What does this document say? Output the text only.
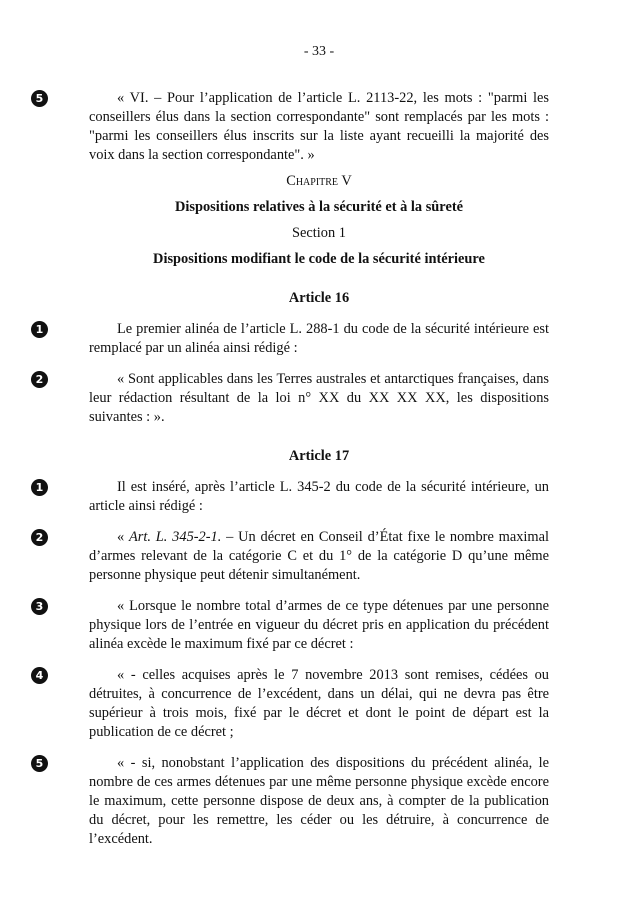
- 33 -

5	« VI. – Pour l’application de l’article L. 2113-22, les mots : "parmi les conseillers élus dans la section correspondante" sont remplacés par les mots : "parmi les conseillers élus inscrits sur la liste ayant recueilli la majorité des voix dans la section correspondante". »

Chapitre V

Dispositions relatives à la sécurité et à la sûreté

Section 1

Dispositions modifiant le code de la sécurité intérieure

Article 16

1	Le premier alinéa de l’article L. 288-1 du code de la sécurité intérieure est remplacé par un alinéa ainsi rédigé :

2	« Sont applicables dans les Terres australes et antarctiques françaises, dans leur rédaction résultant de la loi n° XX du XX XX XX, les dispositions suivantes : ».

Article 17

1	Il est inséré, après l’article L. 345-2 du code de la sécurité intérieure, un article ainsi rédigé :

2	« Art. L. 345-2-1. – Un décret en Conseil d’État fixe le nombre maximal d’armes relevant de la catégorie C et du 1° de la catégorie D qu’une même personne physique peut détenir simultanément.

3	« Lorsque le nombre total d’armes de ce type détenues par une personne physique lors de l’entrée en vigueur du décret pris en application du précédent alinéa excède le maximum fixé par ce décret :

4	« - celles acquises après le 7 novembre 2013 sont remises, cédées ou détruites, à concurrence de l’excédent, dans un délai, qui ne devra pas être supérieur à trois mois, fixé par le décret et dont le point de départ est la publication de ce décret ;

5	« - si, nonobstant l’application des dispositions du précédent alinéa, le nombre de ces armes détenues par une même personne physique excède encore le maximum, cette personne dispose de deux ans, à compter de la publication du décret, pour les remettre, les céder ou les détruire, à concurrence de l’excédent.
